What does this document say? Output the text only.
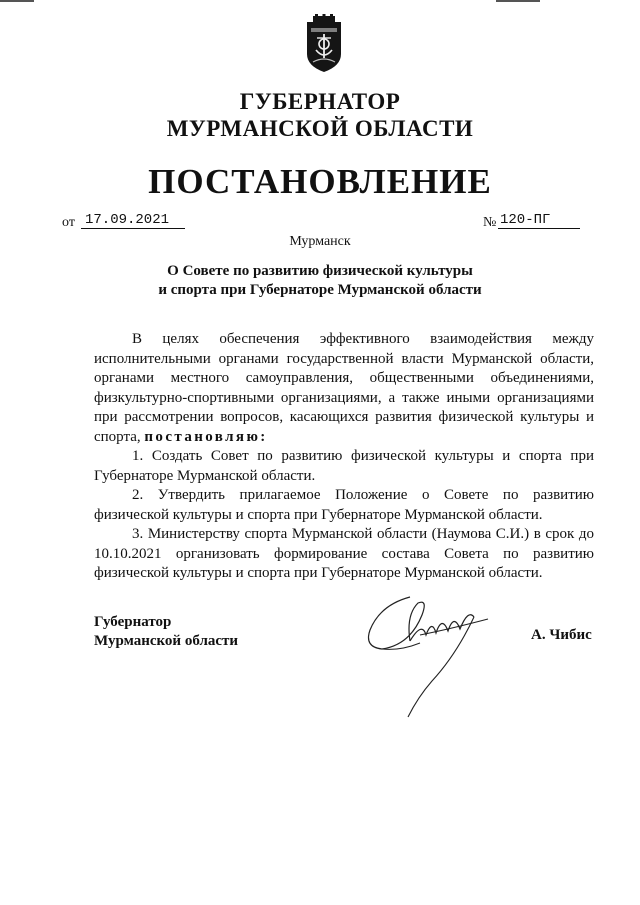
ГУБЕРНАТОР
МУРМАНСКОЙ ОБЛАСТИ
ПОСТАНОВЛЕНИЕ
от 17.09.2021	№ 120-ПГ
Мурманск
О Совете по развитию физической культуры
и спорта при Губернаторе Мурманской области

В целях обеспечения эффективного взаимодействия между исполнительными органами государственной власти Мурманской области, органами местного самоуправления, общественными объединениями, физкультурно-спортивными организациями, а также иными организациями при рассмотрении вопросов, касающихся развития физической культуры и спорта, постановляю:

1. Создать Совет по развитию физической культуры и спорта при Губернаторе Мурманской области.

2. Утвердить прилагаемое Положение о Совете по развитию физической культуры и спорта при Губернаторе Мурманской области.

3. Министерству спорта Мурманской области (Наумова С.И.) в срок до 10.10.2021 организовать формирование состава Совета по развитию физической культуры и спорта при Губернаторе Мурманской области.

Губернатор
Мурманской области	А. Чибис
